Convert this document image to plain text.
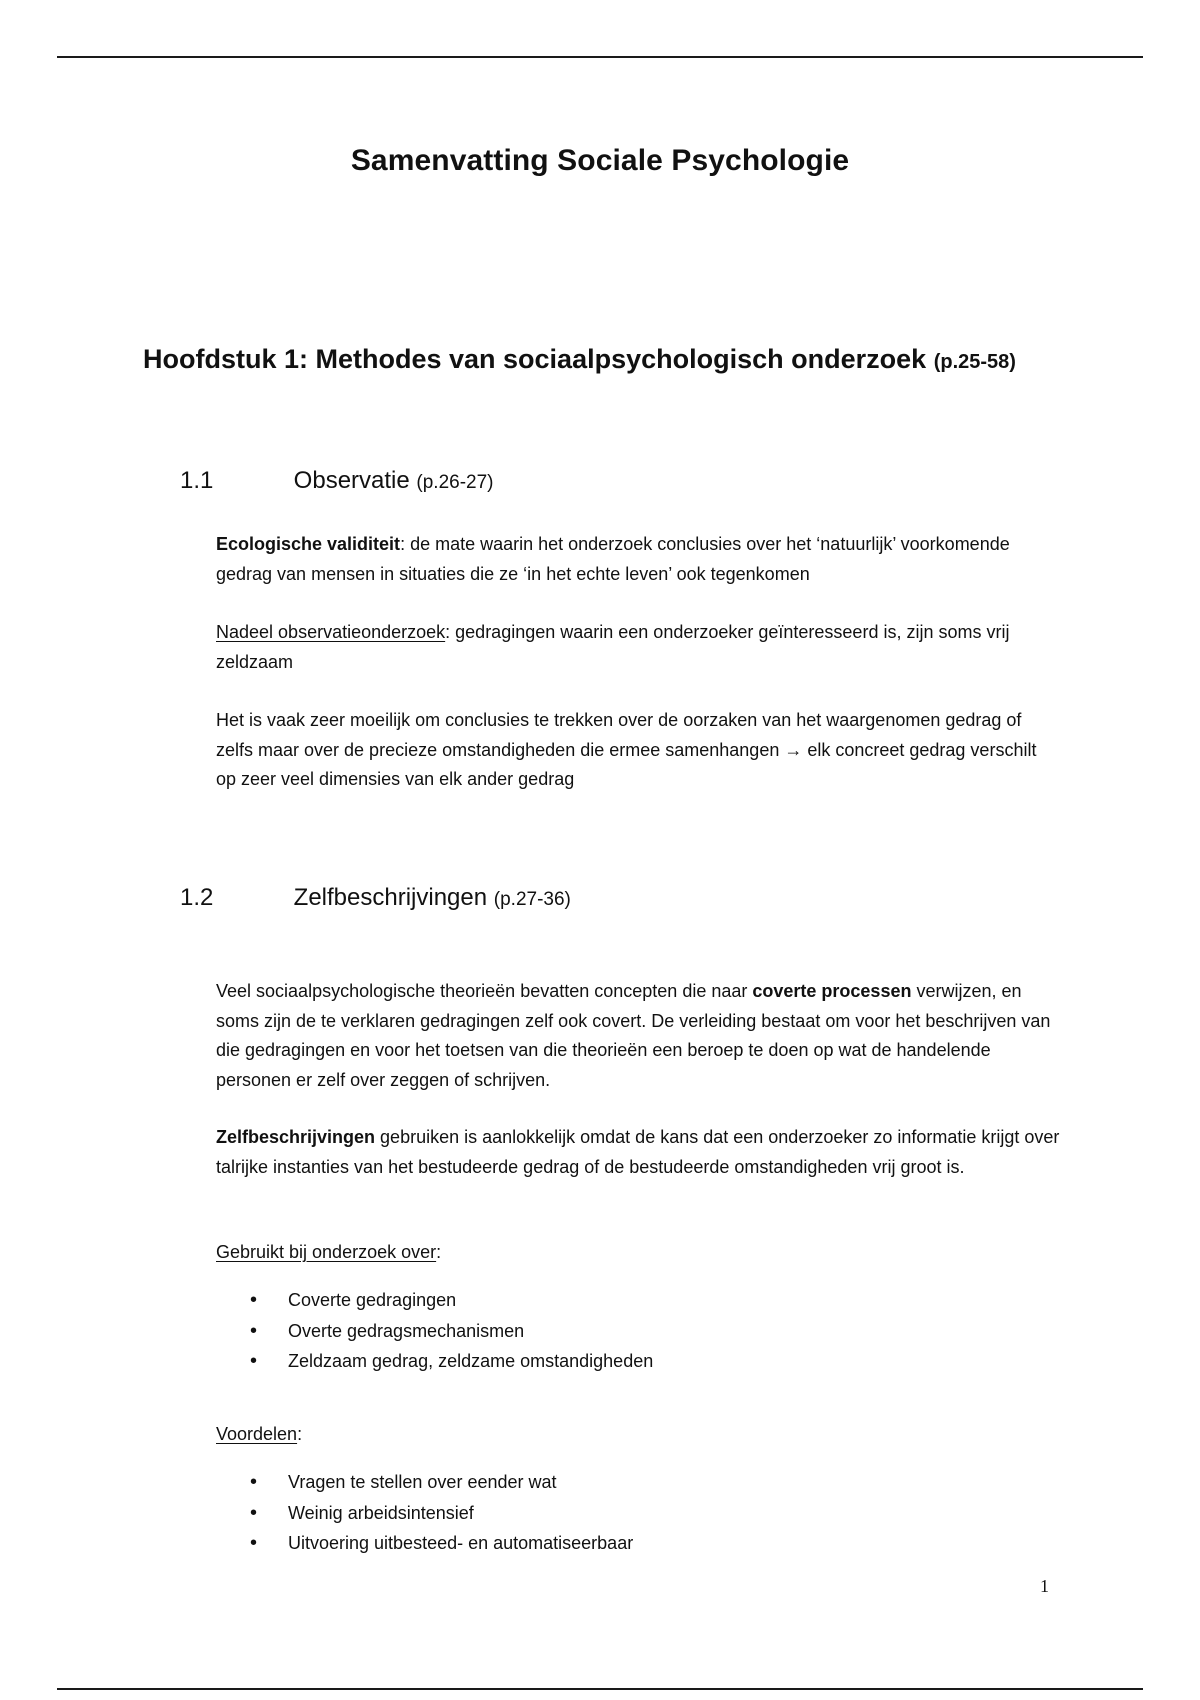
Samenvatting Sociale Psychologie
Hoofdstuk 1: Methodes van sociaalpsychologisch onderzoek (p.25-58)
1.1	Observatie (p.26-27)
Ecologische validiteit: de mate waarin het onderzoek conclusies over het ‘natuurlijk’ voorkomende gedrag van mensen in situaties die ze ‘in het echte leven’ ook tegenkomen
Nadeel observatieonderzoek: gedragingen waarin een onderzoeker geïnteresseerd is, zijn soms vrij zeldzaam
Het is vaak zeer moeilijk om conclusies te trekken over de oorzaken van het waargenomen gedrag of zelfs maar over de precieze omstandigheden die ermee samenhangen → elk concreet gedrag verschilt op zeer veel dimensies van elk ander gedrag
1.2	Zelfbeschrijvingen (p.27-36)
Veel sociaalpsychologische theorieën bevatten concepten die naar coverte processen verwijzen, en soms zijn de te verklaren gedragingen zelf ook covert. De verleiding bestaat om voor het beschrijven van die gedragingen en voor het toetsen van die theorieën een beroep te doen op wat de handelende personen er zelf over zeggen of schrijven.
Zelfbeschrijvingen gebruiken is aanlokkelijk omdat de kans dat een onderzoeker zo informatie krijgt over talrijke instanties van het bestudeerde gedrag of de bestudeerde omstandigheden vrij groot is.
Gebruikt bij onderzoek over:
• Coverte gedragingen
• Overte gedragsmechanismen
• Zeldzaam gedrag, zeldzame omstandigheden
Voordelen:
• Vragen te stellen over eender wat
• Weinig arbeidsintensief
• Uitvoering uitbesteed- en automatiseerbaar
1
